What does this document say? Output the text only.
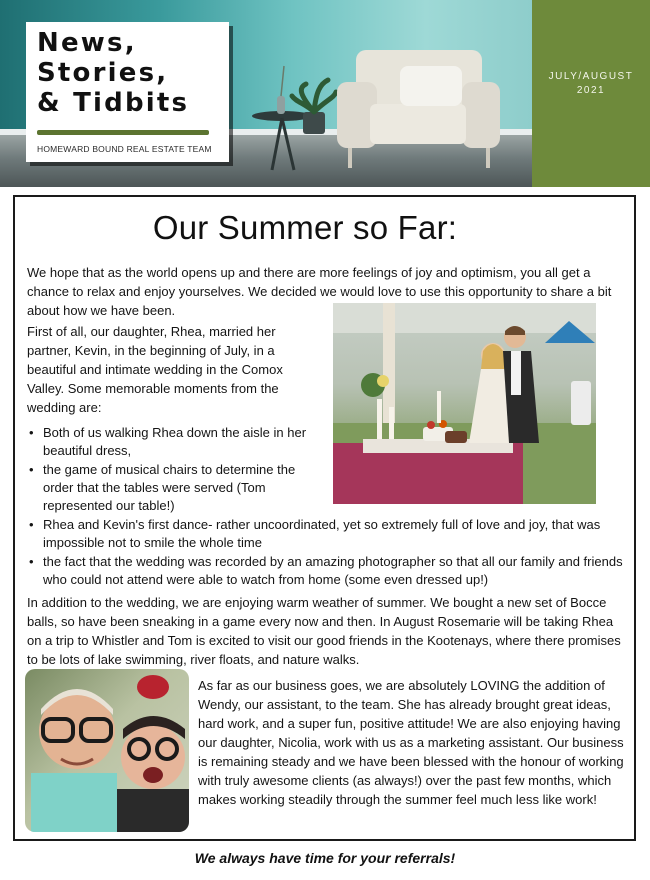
JULY/AUGUST
2021
News,
Stories,
& Tidbits
HOMEWARD BOUND REAL ESTATE TEAM
Our Summer so Far:

We hope that as the world opens up and there are more feelings of joy and optimism, you all get a chance to relax and enjoy yourselves. We decided we would love to use this opportunity to share a bit about how we have been.

First of all, our daughter, Rhea, married her partner, Kevin, in the beginning of July, in a beautiful and intimate wedding in the Comox Valley. Some memorable moments from the wedding are:

• Both of us walking Rhea down the aisle in her beautiful dress,
• the game of musical chairs to determine the order that the tables were served (Tom represented our table!)
• Rhea and Kevin's first dance- rather uncoordinated, yet so extremely full of love and joy, that was impossible not to smile the whole time
• the fact that the wedding was recorded by an amazing photographer so that all our family and friends who could not attend were able to watch from home (some even dressed up!)

In addition to the wedding, we are enjoying warm weather of summer. We bought a new set of Bocce balls, so have been sneaking in a game every now and then. In August Rosemarie will be taking Rhea on a trip to Whistler and Tom is excited to visit our good friends in the Kootenays, where there promises to be lots of lake swimming, river floats, and nature walks.

As far as our business goes, we are absolutely LOVING the addition of Wendy, our assistant, to the team. She has already brought great ideas, hard work, and a super fun, positive attitude! We are also enjoying having our daughter, Nicolia, work with us as a marketing assistant. Our business is remaining steady and we have been blessed with the honour of working with truly awesome clients (as always!) over the past few months, which makes working steadily through the summer feel much less like work!

We always have time for your referrals!
